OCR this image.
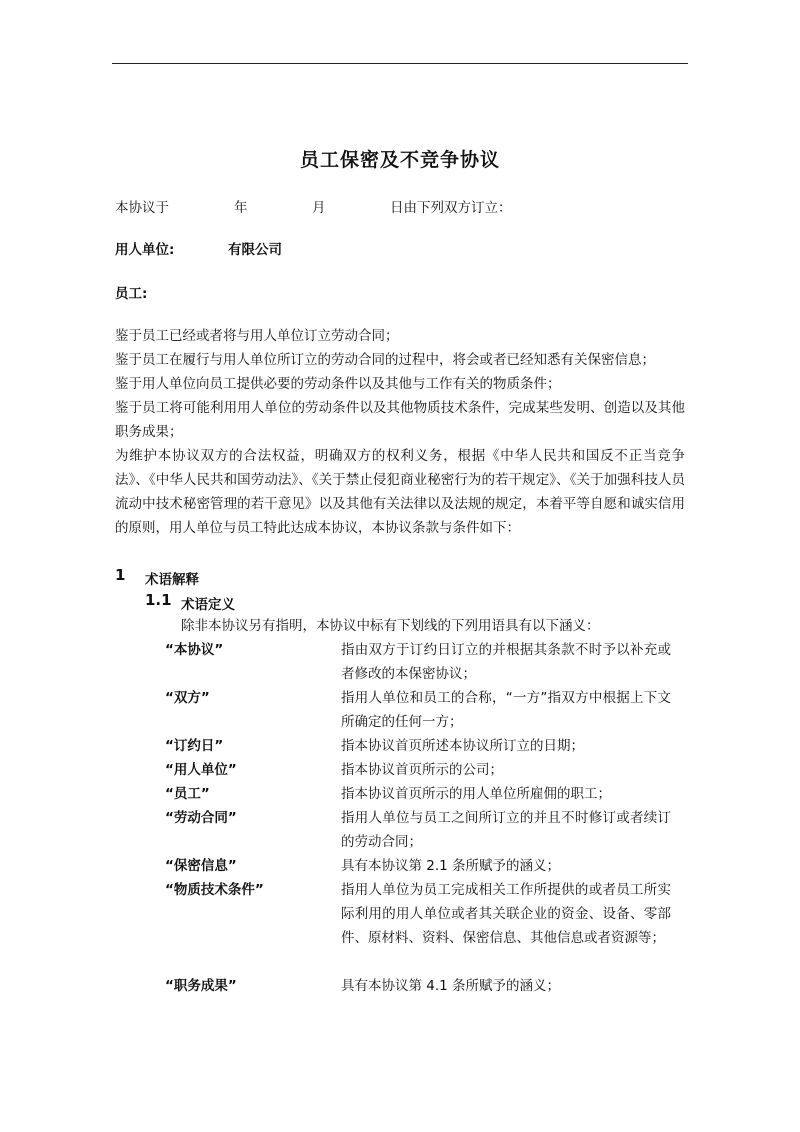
员工保密及不竞争协议
本协议于	年	月	日由下列双方订立：
用人单位:	有限公司
员工:

鉴于员工已经或者将与用人单位订立劳动合同；

鉴于员工在履行与用人单位所订立的劳动合同的过程中，将会或者已经知悉有关保密信息；

鉴于用人单位向员工提供必要的劳动条件以及其他与工作有关的物质条件；

鉴于员工将可能利用用人单位的劳动条件以及其他物质技术条件，完成某些发明、创造以及其他职务成果；

为维护本协议双方的合法权益，明确双方的权利义务，根据《中华人民共和国反不正当竞争法》、《中华人民共和国劳动法》、《关于禁止侵犯商业秘密行为的若干规定》、《关于加强科技人员流动中技术秘密管理的若干意见》以及其他有关法律以及法规的规定，本着平等自愿和诚实信用的原则，用人单位与员工特此达成本协议，本协议条款与条件如下：

1 术语解释
1.1 术语定义
除非本协议另有指明，本协议中标有下划线的下列用语具有以下涵义：
“本协议”	指由双方于订约日订立的并根据其条款不时予以补充或者修改的本保密协议；
“双方”	指用人单位和员工的合称，“一方”指双方中根据上下文所确定的任何一方；
“订约日”	指本协议首页所述本协议所订立的日期；
“用人单位”	指本协议首页所示的公司；
“员工”	指本协议首页所示的用人单位所雇佣的职工；
“劳动合同”	指用人单位与员工之间所订立的并且不时修订或者续订的劳动合同；
“保密信息”	具有本协议第 2.1 条所赋予的涵义；
“物质技术条件”	指用人单位为员工完成相关工作所提供的或者员工所实际利用的用人单位或者其关联企业的资金、设备、零部件、原材料、资料、保密信息、其他信息或者资源等；
“职务成果”	具有本协议第 4.1 条所赋予的涵义；
